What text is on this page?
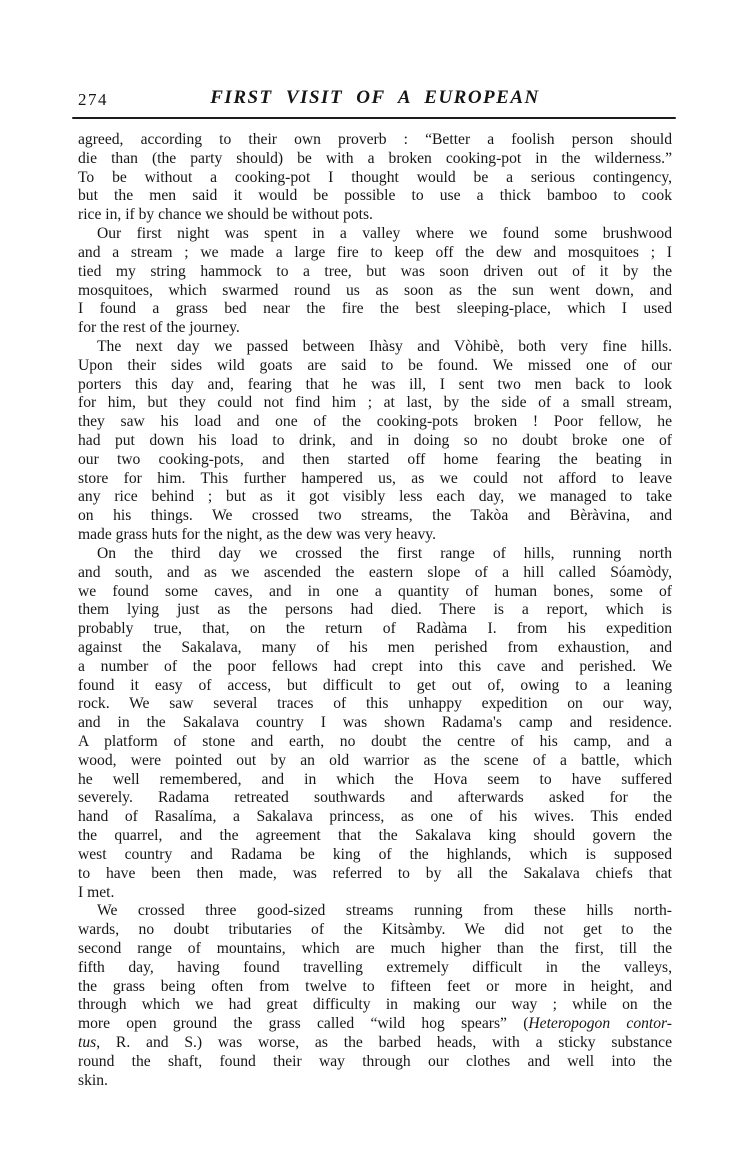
274	FIRST VISIT OF A EUROPEAN

agreed, according to their own proverb : “Better a foolish person should
die than (the party should) be with a broken cooking-pot in the wilderness.”
To be without a cooking-pot I thought would be a serious contingency,
but the men said it would be possible to use a thick bamboo to cook
rice in, if by chance we should be without pots.

Our first night was spent in a valley where we found some brushwood
and a stream ; we made a large fire to keep off the dew and mosquitoes ; I
tied my string hammock to a tree, but was soon driven out of it by the
mosquitoes, which swarmed round us as soon as the sun went down, and
I found a grass bed near the fire the best sleeping-place, which I used
for the rest of the journey.

The next day we passed between Ihàsy and Vòhibè, both very fine hills.
Upon their sides wild goats are said to be found. We missed one of our
porters this day and, fearing that he was ill, I sent two men back to look
for him, but they could not find him ; at last, by the side of a small stream,
they saw his load and one of the cooking-pots broken ! Poor fellow, he
had put down his load to drink, and in doing so no doubt broke one of
our two cooking-pots, and then started off home fearing the beating in
store for him. This further hampered us, as we could not afford to leave
any rice behind ; but as it got visibly less each day, we managed to take
on his things. We crossed two streams, the Takòa and Bèràvina, and
made grass huts for the night, as the dew was very heavy.

On the third day we crossed the first range of hills, running north
and south, and as we ascended the eastern slope of a hill called Sóamòdy,
we found some caves, and in one a quantity of human bones, some of
them lying just as the persons had died. There is a report, which is
probably true, that, on the return of Radàma I. from his expedition
against the Sakalava, many of his men perished from exhaustion, and
a number of the poor fellows had crept into this cave and perished. We
found it easy of access, but difficult to get out of, owing to a leaning
rock. We saw several traces of this unhappy expedition on our way,
and in the Sakalava country I was shown Radama's camp and residence.
A platform of stone and earth, no doubt the centre of his camp, and a
wood, were pointed out by an old warrior as the scene of a battle, which
he well remembered, and in which the Hova seem to have suffered
severely. Radama retreated southwards and afterwards asked for the
hand of Rasalíma, a Sakalava princess, as one of his wives. This ended
the quarrel, and the agreement that the Sakalava king should govern the
west country and Radama be king of the highlands, which is supposed
to have been then made, was referred to by all the Sakalava chiefs that
I met.

We crossed three good-sized streams running from these hills north-
wards, no doubt tributaries of the Kitsàmby. We did not get to the
second range of mountains, which are much higher than the first, till the
fifth day, having found travelling extremely difficult in the valleys,
the grass being often from twelve to fifteen feet or more in height, and
through which we had great difficulty in making our way ; while on the
more open ground the grass called “wild hog spears” (Heteropogon contor-
tus, R. and S.) was worse, as the barbed heads, with a sticky substance
round the shaft, found their way through our clothes and well into the
skin.
